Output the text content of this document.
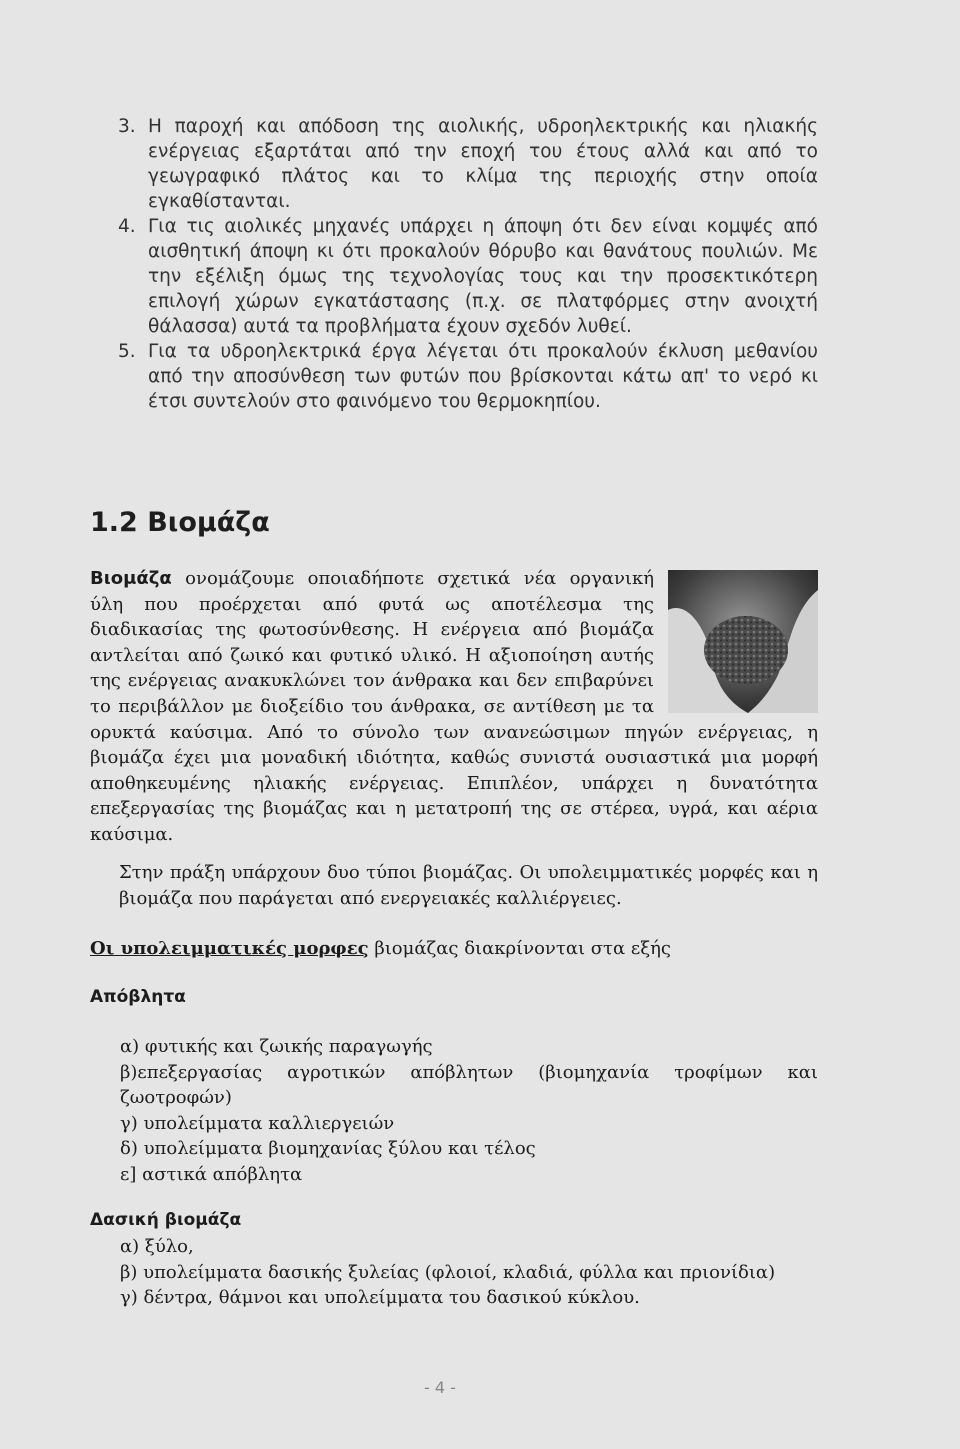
3. Η παροχή και απόδοση της αιολικής, υδροηλεκτρικής και ηλιακής ενέργειας εξαρτάται από την εποχή του έτους αλλά και από το γεωγραφικό πλάτος και το κλίμα της περιοχής στην οποία εγκαθίστανται.
4. Για τις αιολικές μηχανές υπάρχει η άποψη ότι δεν είναι κομψές από αισθητική άποψη κι ότι προκαλούν θόρυβο και θανάτους πουλιών. Με την εξέλιξη όμως της τεχνολογίας τους και την προσεκτικότερη επιλογή χώρων εγκατάστασης (π.χ. σε πλατφόρμες στην ανοιχτή θάλασσα) αυτά τα προβλήματα έχουν σχεδόν λυθεί.
5. Για τα υδροηλεκτρικά έργα λέγεται ότι προκαλούν έκλυση μεθανίου από την αποσύνθεση των φυτών που βρίσκονται κάτω απ' το νερό κι έτσι συντελούν στο φαινόμενο του θερμοκηπίου.
1.2 Βιομάζα

Βιομάζα ονομάζουμε οποιαδήποτε σχετικά νέα οργανική ύλη που προέρχεται από φυτά ως αποτέλεσμα της διαδικασίας της φωτοσύνθεσης. Η ενέργεια από βιομάζα αντλείται από ζωικό και φυτικό υλικό. Η αξιοποίηση αυτής της ενέργειας ανακυκλώνει τον άνθρακα και δεν επιβαρύνει το περιβάλλον με διοξείδιο του άνθρακα, σε αντίθεση με τα ορυκτά καύσιμα. Από το σύνολο των ανανεώσιμων πηγών ενέργειας, η βιομάζα έχει μια μοναδική ιδιότητα, καθώς συνιστά ουσιαστικά μια μορφή αποθηκευμένης ηλιακής ενέργειας. Επιπλέον, υπάρχει η δυνατότητα επεξεργασίας της βιομάζας και η μετατροπή της σε στέρεα, υγρά, και αέρια καύσιμα.

Στην πράξη υπάρχουν δυο τύποι βιομάζας. Οι υπολειμματικές μορφές και η βιομάζα που παράγεται από ενεργειακές καλλιέργειες.

Οι υπολειμματικές μορφες βιομάζας διακρίνονται στα εξής
Απόβλητα
α) φυτικής και ζωικής παραγωγής
β)επεξεργασίας αγροτικών απόβλητων (βιομηχανία τροφίμων και ζωοτροφών)
γ) υπολείμματα καλλιεργειών
δ) υπολείμματα βιομηχανίας ξύλου και τέλος
ε] αστικά απόβλητα
Δασική βιομάζα
α) ξύλο,
β) υπολείμματα δασικής ξυλείας (φλοιοί, κλαδιά, φύλλα και πριονίδια)
γ) δέντρα, θάμνοι και υπολείμματα του δασικού κύκλου.
- 4 -
